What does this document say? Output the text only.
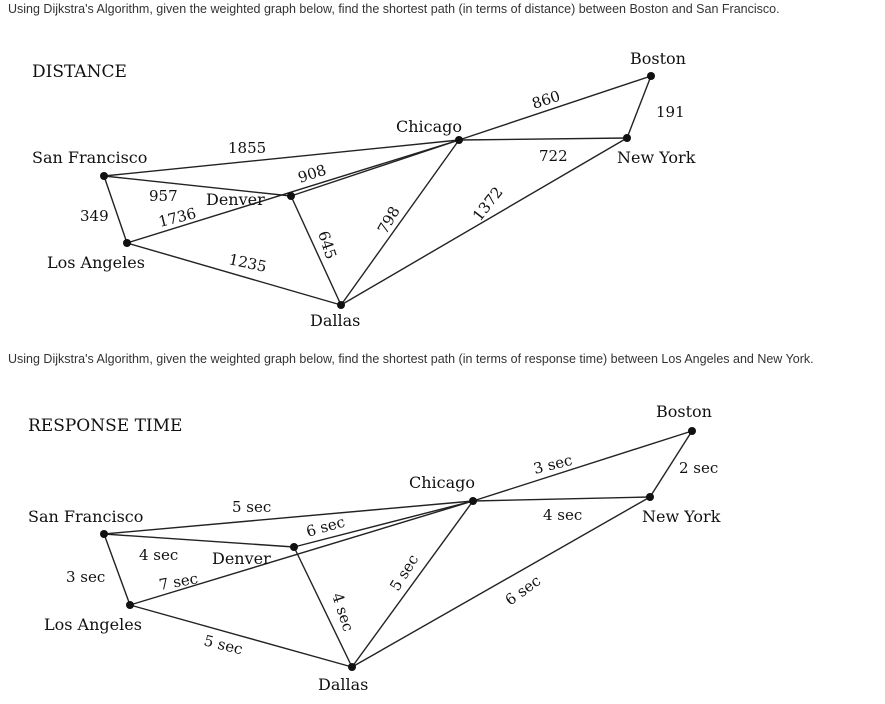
Using Dijkstra's Algorithm, given the weighted graph below, find the shortest path (in terms of distance) between Boston and San Francisco.
DISTANCE
San Francisco
Los Angeles
Denver
Chicago
Dallas
Boston
New York
1855
957
349	1736
1235
908
645
798	1372
860
722
191
Using Dijkstra's Algorithm, given the weighted graph below, find the shortest path (in terms of response time) between Los Angeles and New York.
RESPONSE TIME
San Francisco
Los Angeles
Denver
Chicago
Dallas
Boston
New York
5 sec
4 sec
3 sec	7 sec
5 sec
6 sec
4 sec
5 sec	6 sec
3 sec
4 sec
2 sec
